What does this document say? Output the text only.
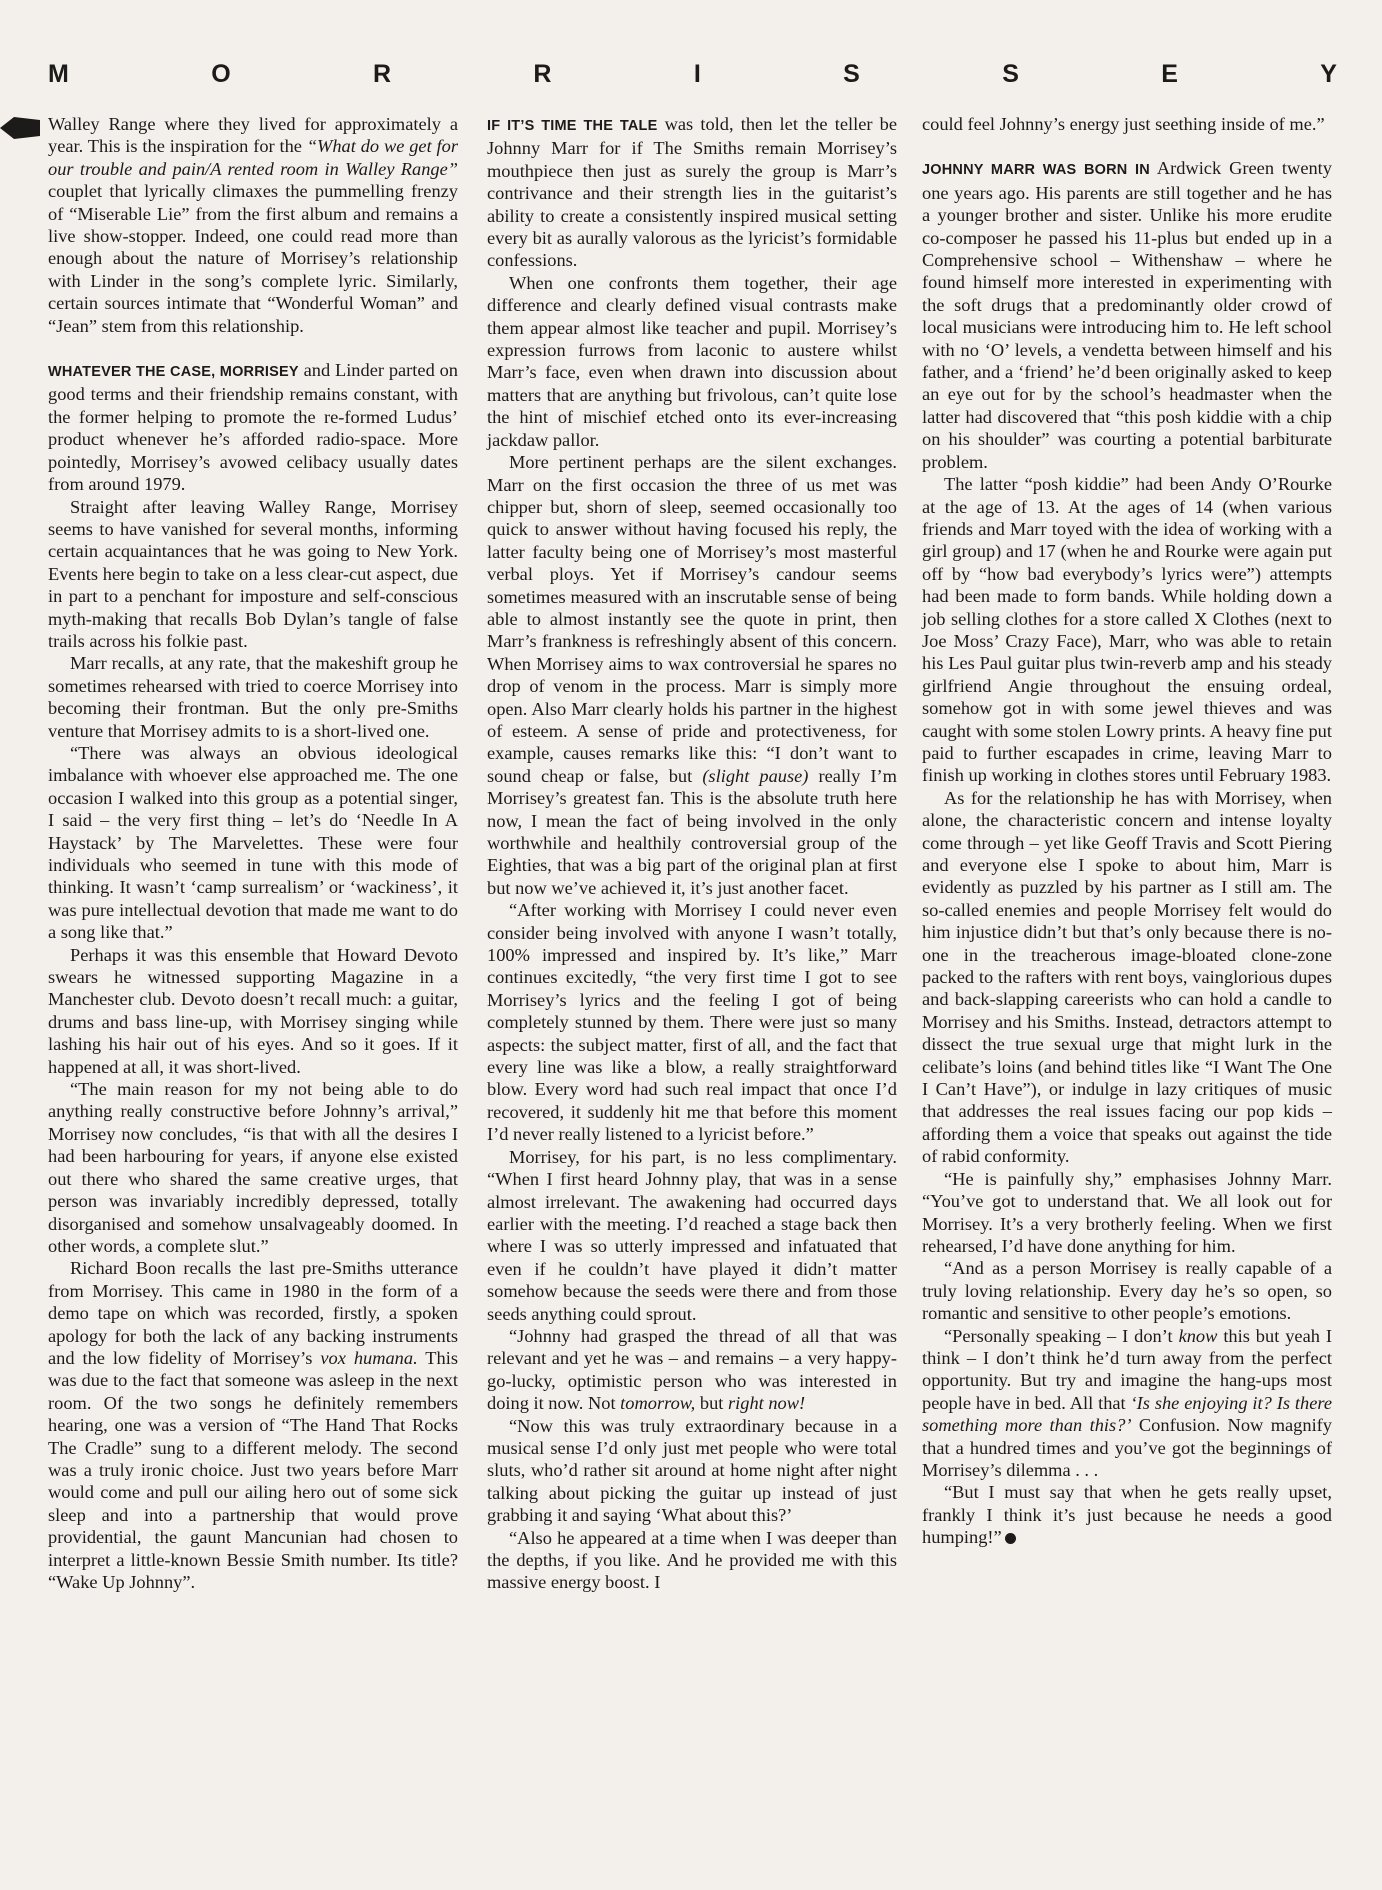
M	O	R	R	I	S	S	E	Y

Walley Range where they lived for approximately a year. This is the inspiration for the “What do we get for our trouble and pain/A rented room in Walley Range” couplet that lyrically climaxes the pummelling frenzy of “Miserable Lie” from the first album and remains a live show-stopper. Indeed, one could read more than enough about the nature of Morrisey’s relationship with Linder in the song’s complete lyric. Similarly, certain sources intimate that “Wonderful Woman” and “Jean” stem from this relationship.

WHATEVER THE CASE, MORRISEY and Linder parted on good terms and their friendship remains constant, with the former helping to promote the re-formed Ludus’ product whenever he’s afforded radio-space. More pointedly, Morrisey’s avowed celibacy usually dates from around 1979.

Straight after leaving Walley Range, Morrisey seems to have vanished for several months, informing certain acquaintances that he was going to New York. Events here begin to take on a less clear-cut aspect, due in part to a penchant for imposture and self-conscious myth-making that recalls Bob Dylan’s tangle of false trails across his folkie past.

Marr recalls, at any rate, that the makeshift group he sometimes rehearsed with tried to coerce Morrisey into becoming their frontman. But the only pre-Smiths venture that Morrisey admits to is a short-lived one.

“There was always an obvious ideological imbalance with whoever else approached me. The one occasion I walked into this group as a potential singer, I said – the very first thing – let’s do ‘Needle In A Haystack’ by The Marvelettes. These were four individuals who seemed in tune with this mode of thinking. It wasn’t ‘camp surrealism’ or ‘wackiness’, it was pure intellectual devotion that made me want to do a song like that.”

Perhaps it was this ensemble that Howard Devoto swears he witnessed supporting Magazine in a Manchester club. Devoto doesn’t recall much: a guitar, drums and bass line-up, with Morrisey singing while lashing his hair out of his eyes. And so it goes. If it happened at all, it was short-lived.

“The main reason for my not being able to do anything really constructive before Johnny’s arrival,” Morrisey now concludes, “is that with all the desires I had been harbouring for years, if anyone else existed out there who shared the same creative urges, that person was invariably incredibly depressed, totally disorganised and somehow unsalvageably doomed. In other words, a complete slut.”

Richard Boon recalls the last pre-Smiths utterance from Morrisey. This came in 1980 in the form of a demo tape on which was recorded, firstly, a spoken apology for both the lack of any backing instruments and the low fidelity of Morrisey’s vox humana. This was due to the fact that someone was asleep in the next room. Of the two songs he definitely remembers hearing, one was a version of “The Hand That Rocks The Cradle” sung to a different melody. The second was a truly ironic choice. Just two years before Marr would come and pull our ailing hero out of some sick sleep and into a partnership that would prove providential, the gaunt Mancunian had chosen to interpret a little-known Bessie Smith number. Its title? “Wake Up Johnny”.

IF IT’S TIME THE TALE was told, then let the teller be Johnny Marr for if The Smiths remain Morrisey’s mouthpiece then just as surely the group is Marr’s contrivance and their strength lies in the guitarist’s ability to create a consistently inspired musical setting every bit as aurally valorous as the lyricist’s formidable confessions.

When one confronts them together, their age difference and clearly defined visual contrasts make them appear almost like teacher and pupil. Morrisey’s expression furrows from laconic to austere whilst Marr’s face, even when drawn into discussion about matters that are anything but frivolous, can’t quite lose the hint of mischief etched onto its ever-increasing jackdaw pallor.

More pertinent perhaps are the silent exchanges. Marr on the first occasion the three of us met was chipper but, shorn of sleep, seemed occasionally too quick to answer without having focused his reply, the latter faculty being one of Morrisey’s most masterful verbal ploys. Yet if Morrisey’s candour seems sometimes measured with an inscrutable sense of being able to almost instantly see the quote in print, then Marr’s frankness is refreshingly absent of this concern. When Morrisey aims to wax controversial he spares no drop of venom in the process. Marr is simply more open. Also Marr clearly holds his partner in the highest of esteem. A sense of pride and protectiveness, for example, causes remarks like this: “I don’t want to sound cheap or false, but (slight pause) really I’m Morrisey’s greatest fan. This is the absolute truth here now, I mean the fact of being involved in the only worthwhile and healthily controversial group of the Eighties, that was a big part of the original plan at first but now we’ve achieved it, it’s just another facet.

“After working with Morrisey I could never even consider being involved with anyone I wasn’t totally, 100% impressed and inspired by. It’s like,” Marr continues excitedly, “the very first time I got to see Morrisey’s lyrics and the feeling I got of being completely stunned by them. There were just so many aspects: the subject matter, first of all, and the fact that every line was like a blow, a really straightforward blow. Every word had such real impact that once I’d recovered, it suddenly hit me that before this moment I’d never really listened to a lyricist before.”

Morrisey, for his part, is no less complimentary. “When I first heard Johnny play, that was in a sense almost irrelevant. The awakening had occurred days earlier with the meeting. I’d reached a stage back then where I was so utterly impressed and infatuated that even if he couldn’t have played it didn’t matter somehow because the seeds were there and from those seeds anything could sprout.

“Johnny had grasped the thread of all that was relevant and yet he was – and remains – a very happy-go-lucky, optimistic person who was interested in doing it now. Not tomorrow, but right now!

“Now this was truly extraordinary because in a musical sense I’d only just met people who were total sluts, who’d rather sit around at home night after night talking about picking the guitar up instead of just grabbing it and saying ‘What about this?’

“Also he appeared at a time when I was deeper than the depths, if you like. And he provided me with this massive energy boost. I

could feel Johnny’s energy just seething inside of me.”

JOHNNY MARR WAS BORN IN Ardwick Green twenty one years ago. His parents are still together and he has a younger brother and sister. Unlike his more erudite co-composer he passed his 11-plus but ended up in a Comprehensive school – Withenshaw – where he found himself more interested in experimenting with the soft drugs that a predominantly older crowd of local musicians were introducing him to. He left school with no ‘O’ levels, a vendetta between himself and his father, and a ‘friend’ he’d been originally asked to keep an eye out for by the school’s headmaster when the latter had discovered that “this posh kiddie with a chip on his shoulder” was courting a potential barbiturate problem.

The latter “posh kiddie” had been Andy O’Rourke at the age of 13. At the ages of 14 (when various friends and Marr toyed with the idea of working with a girl group) and 17 (when he and Rourke were again put off by “how bad everybody’s lyrics were”) attempts had been made to form bands. While holding down a job selling clothes for a store called X Clothes (next to Joe Moss’ Crazy Face), Marr, who was able to retain his Les Paul guitar plus twin-reverb amp and his steady girlfriend Angie throughout the ensuing ordeal, somehow got in with some jewel thieves and was caught with some stolen Lowry prints. A heavy fine put paid to further escapades in crime, leaving Marr to finish up working in clothes stores until February 1983.

As for the relationship he has with Morrisey, when alone, the characteristic concern and intense loyalty come through – yet like Geoff Travis and Scott Piering and everyone else I spoke to about him, Marr is evidently as puzzled by his partner as I still am. The so-called enemies and people Morrisey felt would do him injustice didn’t but that’s only because there is no-one in the treacherous image-bloated clone-zone packed to the rafters with rent boys, vainglorious dupes and back-slapping careerists who can hold a candle to Morrisey and his Smiths. Instead, detractors attempt to dissect the true sexual urge that might lurk in the celibate’s loins (and behind titles like “I Want The One I Can’t Have”), or indulge in lazy critiques of music that addresses the real issues facing our pop kids – affording them a voice that speaks out against the tide of rabid conformity.

“He is painfully shy,” emphasises Johnny Marr. “You’ve got to understand that. We all look out for Morrisey. It’s a very brotherly feeling. When we first rehearsed, I’d have done anything for him.

“And as a person Morrisey is really capable of a truly loving relationship. Every day he’s so open, so romantic and sensitive to other people’s emotions.

“Personally speaking – I don’t know this but yeah I think – I don’t think he’d turn away from the perfect opportunity. But try and imagine the hang-ups most people have in bed. All that ‘Is she enjoying it? Is there something more than this?’ Confusion. Now magnify that a hundred times and you’ve got the beginnings of Morrisey’s dilemma . . .

“But I must say that when he gets really upset, frankly I think it’s just because he needs a good humping!”
